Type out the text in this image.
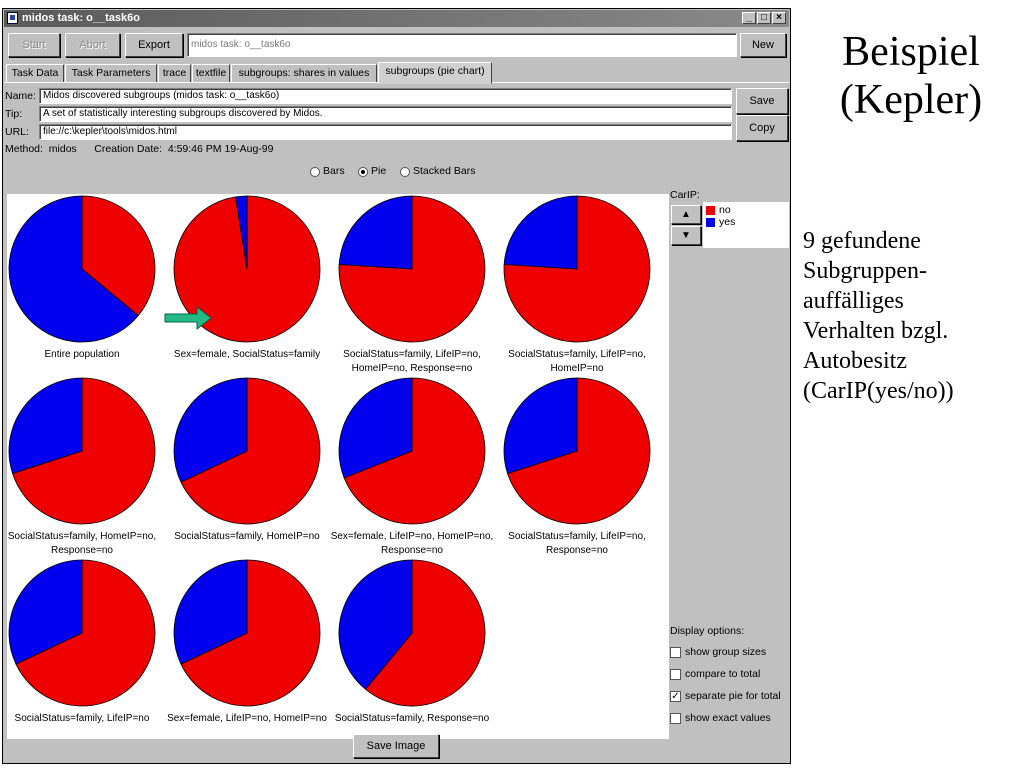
midos task: o__task6o	_ □ ×
Start	Abort	Export	midos task: o__task6o	New
Task Data	Task Parameters	trace textfile	subgroups: shares in values	subgroups (pie chart)
Name: Midos discovered subgroups (midos task: o__task6o)
Tip:	A set of statistically interesting subgroups discovered by Midos.
URL:	file://c:\kepler\tools\midos.html
Save
Copy
Method:  midos      Creation Date:  4:59:46 PM 19-Aug-99
Bars	Pie	Stacked Bars
Entire population	Sex=female, SocialStatus=family	SocialStatus=family, LifeIP=no, HomeIP=no, Response=no
SocialStatus=family, LifeIP=no, HomeIP=no
SocialStatus=family, HomeIP=no, Response=no
SocialStatus=family, HomeIP=no	Sex=female, LifeIP=no, HomeIP=no, Response=no
SocialStatus=family, LifeIP=no, Response=no
SocialStatus=family, LifeIP=no	Sex=female, LifeIP=no, HomeIP=no SocialStatus=family, Response=no
CarIP:
▲
▼
no
yes
Display options:
show group sizes
compare to total
✓ separate pie for total
show exact values
Save Image
Beispiel
(Kepler)
9 gefundene
Subgruppen-
auffälliges
Verhalten bzgl.
Autobesitz
(CarIP(yes/no))
